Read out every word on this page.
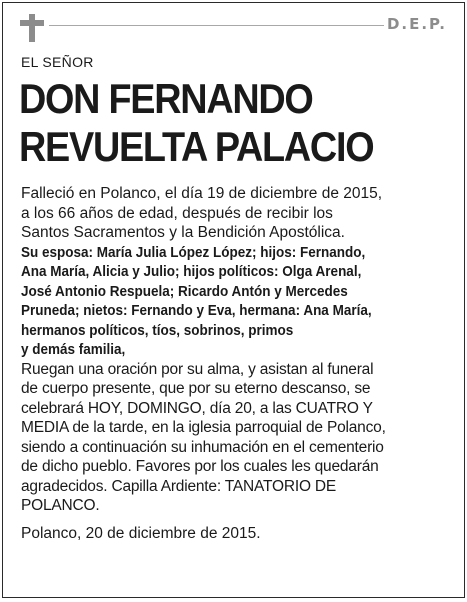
D.E.P.
EL SEÑOR
DON FERNANDO
REVUELTA PALACIO

Falleció en Polanco, el día 19 de diciembre de 2015,
a los 66 años de edad, después de recibir los
Santos Sacramentos y la Bendición Apostólica.

Su esposa: María Julia López López; hijos: Fernando,
Ana María, Alicia y Julio; hijos políticos: Olga Arenal,
José Antonio Respuela; Ricardo Antón y Mercedes
Pruneda; nietos: Fernando y Eva, hermana: Ana María,
hermanos políticos, tíos, sobrinos, primos
y demás familia,

Ruegan una oración por su alma, y asistan al funeral
de cuerpo presente, que por su eterno descanso, se
celebrará HOY, DOMINGO, día 20, a las CUATRO Y
MEDIA de la tarde, en la iglesia parroquial de Polanco,
siendo a continuación su inhumación en el cementerio
de dicho pueblo. Favores por los cuales les quedarán
agradecidos. Capilla Ardiente: TANATORIO DE
POLANCO.

Polanco, 20 de diciembre de 2015.
